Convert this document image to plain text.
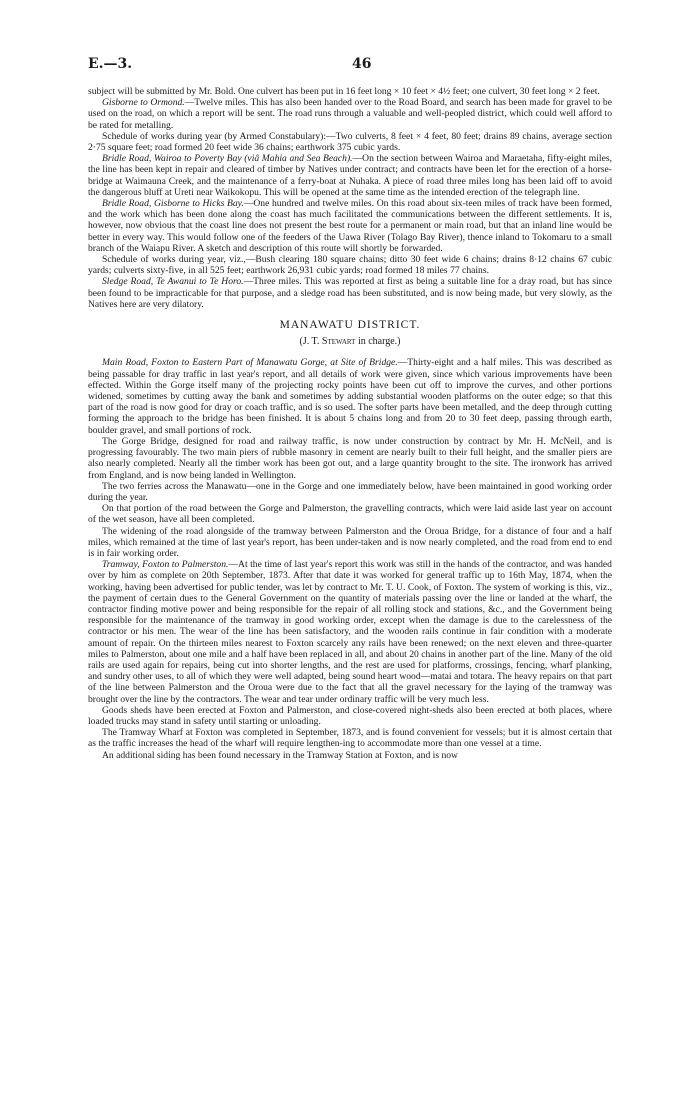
E.—3.	46

subject will be submitted by Mr. Bold. One culvert has been put in 16 feet long × 10 feet × 4½ feet; one culvert, 30 feet long × 2 feet.

Gisborne to Ormond.—Twelve miles. This has also been handed over to the Road Board, and search has been made for gravel to be used on the road, on which a report will be sent. The road runs through a valuable and well-peopled district, which could well afford to be rated for metalling.

Schedule of works during year (by Armed Constabulary):—Two culverts, 8 feet × 4 feet, 80 feet; drains 89 chains, average section 2·75 square feet; road formed 20 feet wide 36 chains; earthwork 375 cubic yards.

Bridle Road, Wairoa to Poverty Bay (viâ Mahia and Sea Beach).—On the section between Wairoa and Maraetaha, fifty-eight miles, the line has been kept in repair and cleared of timber by Natives under contract; and contracts have been let for the erection of a horse-bridge at Waimauna Creek, and the maintenance of a ferry-boat at Nuhaka. A piece of road three miles long has been laid off to avoid the dangerous bluff at Ureti near Waikokopu. This will be opened at the same time as the intended erection of the telegraph line.

Bridle Road, Gisborne to Hicks Bay.—One hundred and twelve miles. On this road about six-teen miles of track have been formed, and the work which has been done along the coast has much facilitated the communications between the different settlements. It is, however, now obvious that the coast line does not present the best route for a permanent or main road, but that an inland line would be better in every way. This would follow one of the feeders of the Uawa River (Tolago Bay River), thence inland to Tokomaru to a small branch of the Waiapu River. A sketch and description of this route will shortly be forwarded.

Schedule of works during year, viz.,—Bush clearing 180 square chains; ditto 30 feet wide 6 chains; drains 8·12 chains 67 cubic yards; culverts sixty-five, in all 525 feet; earthwork 26,931 cubic yards; road formed 18 miles 77 chains.

Sledge Road, Te Awanui to Te Horo.—Three miles. This was reported at first as being a suitable line for a dray road, but has since been found to be impracticable for that purpose, and a sledge road has been substituted, and is now being made, but very slowly, as the Natives here are very dilatory.

MANAWATU DISTRICT.
(J. T. Stewart in charge.)

Main Road, Foxton to Eastern Part of Manawatu Gorge, at Site of Bridge.—Thirty-eight and a half miles. This was described as being passable for dray traffic in last year's report, and all details of work were given, since which various improvements have been effected. Within the Gorge itself many of the projecting rocky points have been cut off to improve the curves, and other portions widened, sometimes by cutting away the bank and sometimes by adding substantial wooden platforms on the outer edge; so that this part of the road is now good for dray or coach traffic, and is so used. The softer parts have been metalled, and the deep through cutting forming the approach to the bridge has been finished. It is about 5 chains long and from 20 to 30 feet deep, passing through earth, boulder gravel, and small portions of rock.

The Gorge Bridge, designed for road and railway traffic, is now under construction by contract by Mr. H. McNeil, and is progressing favourably. The two main piers of rubble masonry in cement are nearly built to their full height, and the smaller piers are also nearly completed. Nearly all the timber work has been got out, and a large quantity brought to the site. The ironwork has arrived from England, and is now being landed in Wellington.

The two ferries across the Manawatu—one in the Gorge and one immediately below, have been maintained in good working order during the year.

On that portion of the road between the Gorge and Palmerston, the gravelling contracts, which were laid aside last year on account of the wet season, have all been completed.

The widening of the road alongside of the tramway between Palmerston and the Oroua Bridge, for a distance of four and a half miles, which remained at the time of last year's report, has been under-taken and is now nearly completed, and the road from end to end is in fair working order.

Tramway, Foxton to Palmerston.—At the time of last year's report this work was still in the hands of the contractor, and was handed over by him as complete on 20th September, 1873. After that date it was worked for general traffic up to 16th May, 1874, when the working, having been advertised for public tender, was let by contract to Mr. T. U. Cook, of Foxton. The system of working is this, viz., the payment of certain dues to the General Government on the quantity of materials passing over the line or landed at the wharf, the contractor finding motive power and being responsible for the repair of all rolling stock and stations, &c., and the Government being responsible for the maintenance of the tramway in good working order, except when the damage is due to the carelessness of the contractor or his men. The wear of the line has been satisfactory, and the wooden rails continue in fair condition with a moderate amount of repair. On the thirteen miles nearest to Foxton scarcely any rails have been renewed; on the next eleven and three-quarter miles to Palmerston, about one mile and a half have been replaced in all, and about 20 chains in another part of the line. Many of the old rails are used again for repairs, being cut into shorter lengths, and the rest are used for platforms, crossings, fencing, wharf planking, and sundry other uses, to all of which they were well adapted, being sound heart wood—matai and totara. The heavy repairs on that part of the line between Palmerston and the Oroua were due to the fact that all the gravel necessary for the laying of the tramway was brought over the line by the contractors. The wear and tear under ordinary traffic will be very much less.

Goods sheds have been erected at Foxton and Palmerston, and close-covered night-sheds also been erected at both places, where loaded trucks may stand in safety until starting or unloading.

The Tramway Wharf at Foxton was completed in September, 1873, and is found convenient for vessels; but it is almost certain that as the traffic increases the head of the wharf will require lengthen-ing to accommodate more than one vessel at a time.

An additional siding has been found necessary in the Tramway Station at Foxton, and is now
